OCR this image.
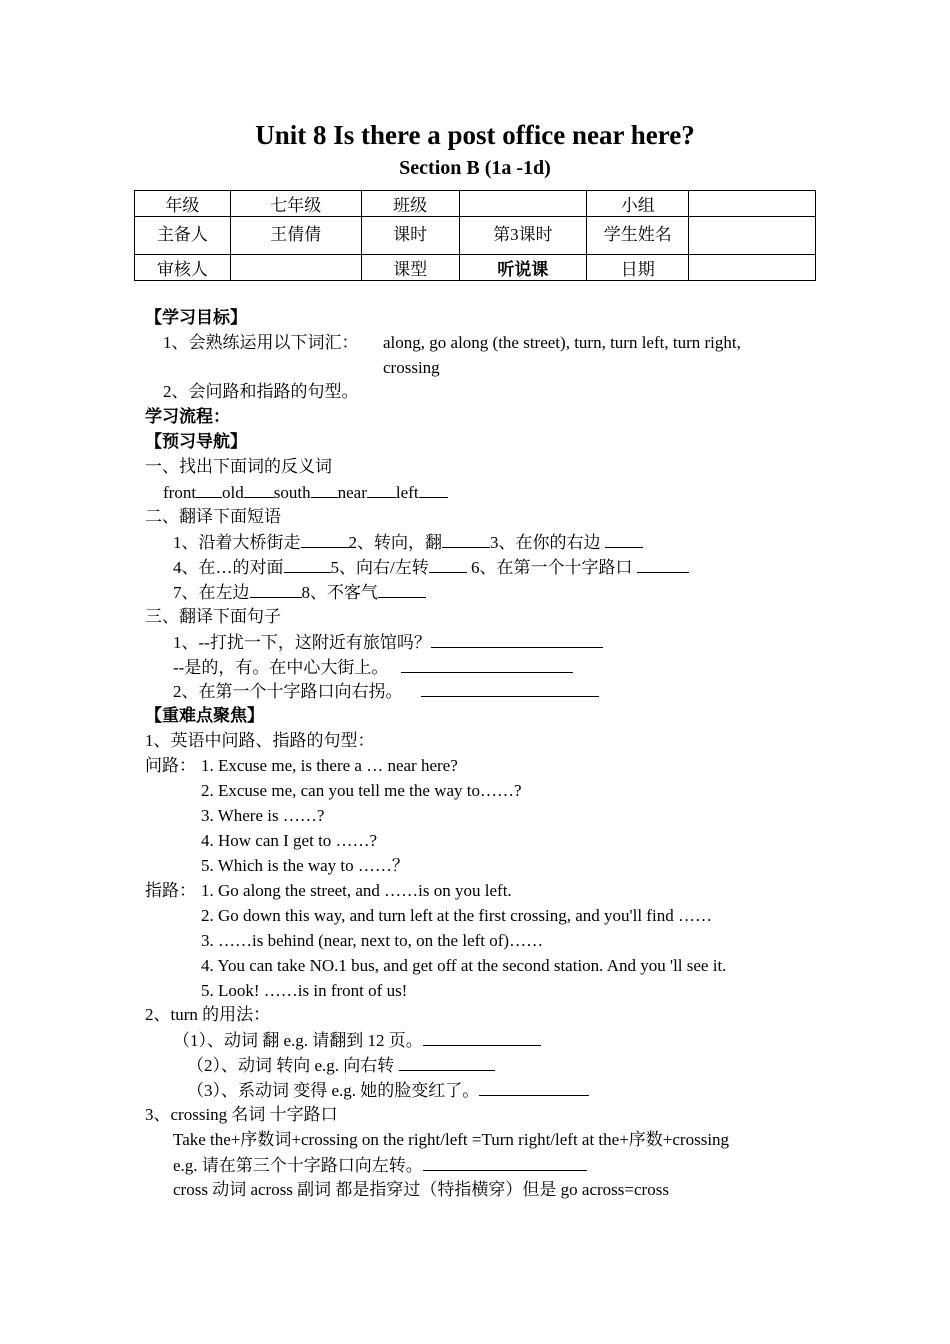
Unit 8 Is there a post office near here?
Section B (1a -1d)
年级	七年级	班级		小组	
主备人	王倩倩	课时	第3课时	学生姓名	
审核人		课型	听说课	日期	
【学习目标】
1、会熟练运用以下词汇： along, go along (the street), turn, turn left, turn right,
crossing
2、会问路和指路的句型。
学习流程：
【预习导航】
一、找出下面词的反义词
front old south near left
二、翻译下面短语
1、沿着大桥街走	2、转向，翻	3、在你的右边
4、在…的对面	5、向右/左转 6、在第一个十字路口
7、在左边	8、不客气
三、翻译下面句子
1、--打扰一下，这附近有旅馆吗？
--是的，有。在中心大街上。
2、在第一个十字路口向右拐。
【重难点聚焦】
1、英语中问路、指路的句型：
问路： 1. Excuse me, is there a … near here?
2. Excuse me, can you tell me the way to……?
3. Where is ……?
4. How can I get to ……?
5. Which is the way to ……？
指路： 1. Go along the street, and ……is on you left.
2. Go down this way, and turn left at the first crossing, and you'll find ……
3. ……is behind (near, next to, on the left of)……
4. You can take NO.1 bus, and get off at the second station. And you 'll see it.
5. Look! ……is in front of us!
2、turn 的用法：
（1）、动词 翻 e.g. 请翻到 12 页。
（2）、动词 转向 e.g. 向右转
（3）、系动词 变得 e.g. 她的脸变红了。
3、crossing 名词 十字路口
Take the+序数词+crossing on the right/left =Turn right/left at the+序数+crossing
e.g. 请在第三个十字路口向左转。
cross 动词 across 副词 都是指穿过（特指横穿）但是 go across=cross
